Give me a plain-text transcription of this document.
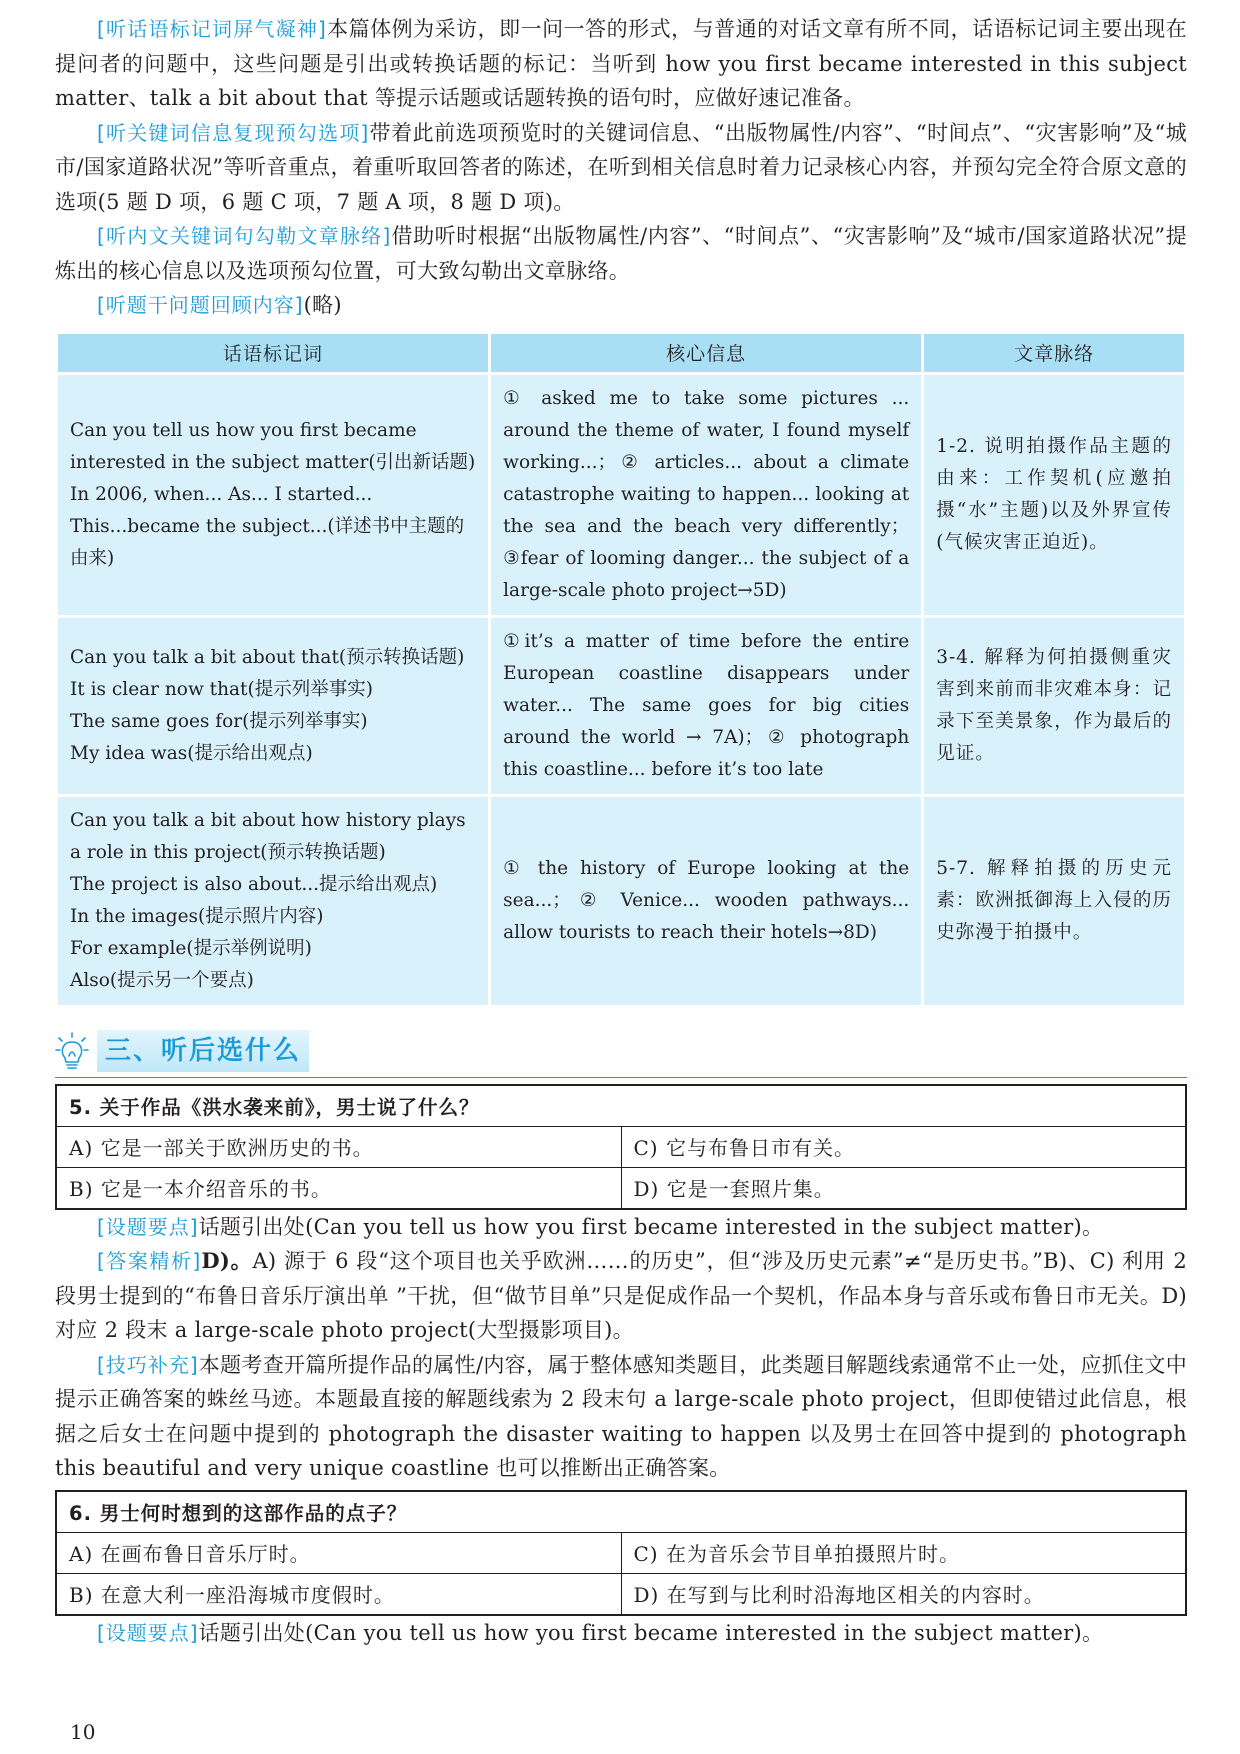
[听话语标记词屏气凝神]本篇体例为采访，即一问一答的形式，与普通的对话文章有所不同，话语标记词主要出现在提问者的问题中，这些问题是引出或转换话题的标记：当听到 how you first became interested in this subject matter、talk a bit about that 等提示话题或话题转换的语句时，应做好速记准备。

[听关键词信息复现预勾选项]带着此前选项预览时的关键词信息、“出版物属性/内容”、“时间点”、“灾害影响”及“城市/国家道路状况”等听音重点，着重听取回答者的陈述，在听到相关信息时着力记录核心内容，并预勾完全符合原文意的选项(5 题 D 项，6 题 C 项，7 题 A 项，8 题 D 项)。

[听内文关键词句勾勒文章脉络]借助听时根据“出版物属性/内容”、“时间点”、“灾害影响”及“城市/国家道路状况”提炼出的核心信息以及选项预勾位置，可大致勾勒出文章脉络。

[听题干问题回顾内容](略)

话语标记词	核心信息	文章脉络

Can you tell us how you first became interested in the subject matter(引出新话题)
In 2006, when... As... I started... This...became the subject...(详述书中主题的由来)	① asked me to take some pictures ... around the theme of water, I found myself working...；② articles... about a climate catastrophe waiting to happen... looking at the sea and the beach very differently；③fear of looming danger... the subject of a large-scale photo project→5D)	1-2. 说明拍摄作品主题的由来：工作契机(应邀拍摄“水”主题)以及外界宣传(气候灾害正迫近)。

Can you talk a bit about that(预示转换话题)
It is clear now that(提示列举事实)
The same goes for(提示列举事实)
My idea was(提示给出观点)	①it’s a matter of time before the entire European coastline disappears under water... The same goes for big cities around the world → 7A)；② photograph this coastline... before it’s too late	3-4. 解释为何拍摄侧重灾害到来前而非灾难本身：记录下至美景象，作为最后的见证。

Can you talk a bit about how history plays a role in this project(预示转换话题)
The project is also about...提示给出观点)
In the images(提示照片内容)
For example(提示举例说明)
Also(提示另一个要点)	① the history of Europe looking at the sea...；② Venice... wooden pathways... allow tourists to reach their hotels→8D)	5-7. 解释拍摄的历史元素：欧洲抵御海上入侵的历史弥漫于拍摄中。
三、听后选什么
5. 关于作品《洪水袭来前》，男士说了什么？	
A) 它是一部关于欧洲历史的书。	C) 它与布鲁日市有关。
B) 它是一本介绍音乐的书。	D) 它是一套照片集。

[设题要点]话题引出处(Can you tell us how you first became interested in the subject matter)。

[答案精析]D)。A) 源于 6 段“这个项目也关乎欧洲……的历史”，但“涉及历史元素”≠“是历史书。”B)、C) 利用 2 段男士提到的“布鲁日音乐厅演出单 ”干扰，但“做节目单”只是促成作品一个契机，作品本身与音乐或布鲁日市无关。D) 对应 2 段末 a large-scale photo project(大型摄影项目)。

[技巧补充]本题考查开篇所提作品的属性/内容，属于整体感知类题目，此类题目解题线索通常不止一处，应抓住文中提示正确答案的蛛丝马迹。本题最直接的解题线索为 2 段末句 a large-scale photo project，但即使错过此信息，根据之后女士在问题中提到的 photograph the disaster waiting to happen 以及男士在回答中提到的 photograph this beautiful and very unique coastline 也可以推断出正确答案。

6. 男士何时想到的这部作品的点子？	
A) 在画布鲁日音乐厅时。	C) 在为音乐会节目单拍摄照片时。
B) 在意大利一座沿海城市度假时。	D) 在写到与比利时沿海地区相关的内容时。

[设题要点]话题引出处(Can you tell us how you first became interested in the subject matter)。

10
